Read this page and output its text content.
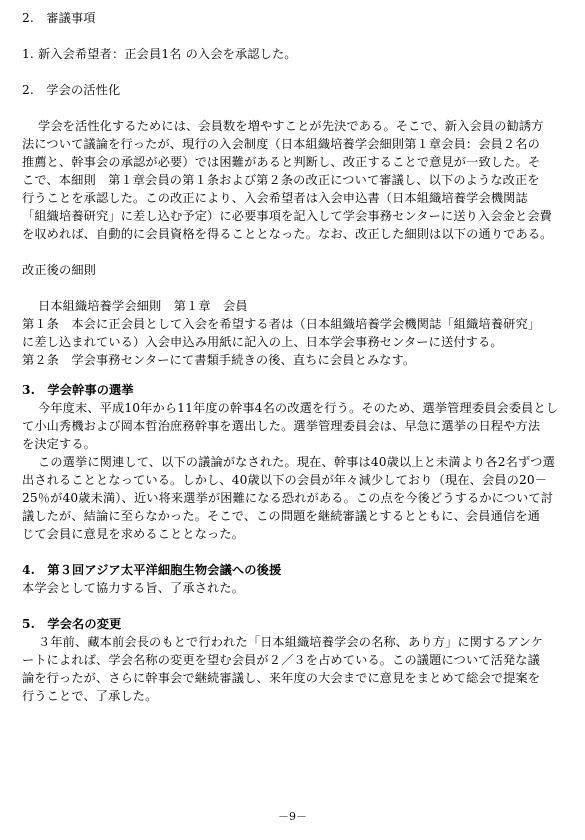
2.　審議事項
1. 新入会希望者：正会員1名 の入会を承認した。
2.　学会の活性化
学会を活性化するためには、会員数を増やすことが先決である。そこで、新入会員の勧誘方
法について議論を行ったが、現行の入会制度（日本組織培養学会細則第１章会員：会員２名の
推薦と、幹事会の承認が必要）では困難があると判断し、改正することで意見が一致した。そ
こで、本細則　第１章会員の第１条および第２条の改正について審議し、以下のような改正を
行うことを承認した。この改正により、入会希望者は入会申込書（日本組織培養学会機関誌
「組織培養研究」に差し込む予定）に必要事項を記入して学会事務センターに送り入会金と会費
を収めれば、自動的に会員資格を得ることとなった。なお、改正した細則は以下の通りである。
改正後の細則
日本組織培養学会細則　第１章　会員
第１条　本会に正会員として入会を希望する者は（日本組織培養学会機関誌「組織培養研究」
に差し込まれている）入会申込み用紙に記入の上、日本学会事務センターに送付する。
第２条　学会事務センターにて書類手続きの後、直ちに会員とみなす。
3.　学会幹事の選挙
今年度末、平成10年から11年度の幹事4名の改選を行う。そのため、選挙管理委員会委員とし
て小山秀機および岡本哲治庶務幹事を選出した。選挙管理委員会は、早急に選挙の日程や方法
を決定する。
この選挙に関連して、以下の議論がなされた。現在、幹事は40歳以上と未満より各2名ずつ選
出されることとなっている。しかし、40歳以下の会員が年々減少しており（現在、会員の20－
25％が40歳未満）、近い将来選挙が困難になる恐れがある。この点を今後どうするかについて討
議したが、結論に至らなかった。そこで、この問題を継続審議とするとともに、会員通信を通
じて会員に意見を求めることとなった。
4.　第３回アジア太平洋細胞生物会議への後援
本学会として協力する旨、了承された。
5.　学会名の変更
３年前、藏本前会長のもとで行われた「日本組織培養学会の名称、あり方」に関するアンケ
ートによれば、学会名称の変更を望む会員が２／３を占めている。この議題について活発な議
論を行ったが、さらに幹事会で継続審議し、来年度の大会までに意見をまとめて総会で提案を
行うことで、了承した。
－9－
